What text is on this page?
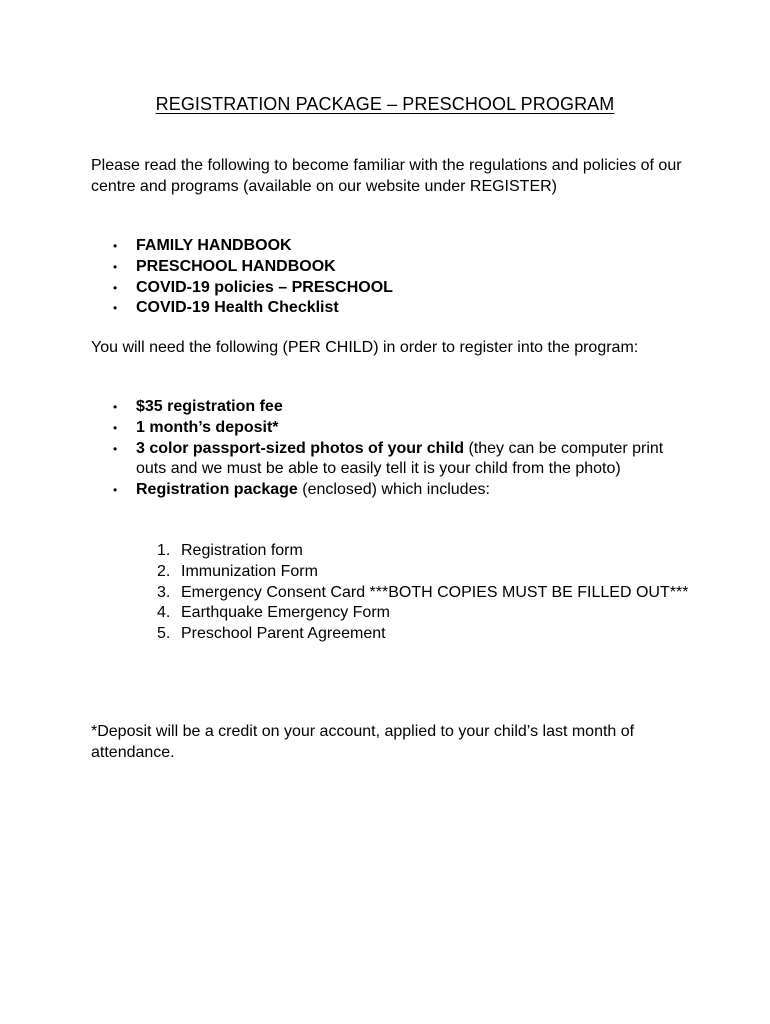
REGISTRATION PACKAGE – PRESCHOOL PROGRAM

Please read the following to become familiar with the regulations and policies of our centre and programs (available on our website under REGISTER)

• FAMILY HANDBOOK
• PRESCHOOL HANDBOOK
• COVID-19 policies – PRESCHOOL
• COVID-19 Health Checklist

You will need the following (PER CHILD) in order to register into the program:

• $35 registration fee
• 1 month’s deposit*
• 3 color passport-sized photos of your child (they can be computer print outs and we must be able to easily tell it is your child from the photo)
• Registration package (enclosed) which includes:
1. Registration form
2. Immunization Form
3. Emergency Consent Card ***BOTH COPIES MUST BE FILLED OUT***
4. Earthquake Emergency Form
5. Preschool Parent Agreement

*Deposit will be a credit on your account, applied to your child’s last month of attendance.
